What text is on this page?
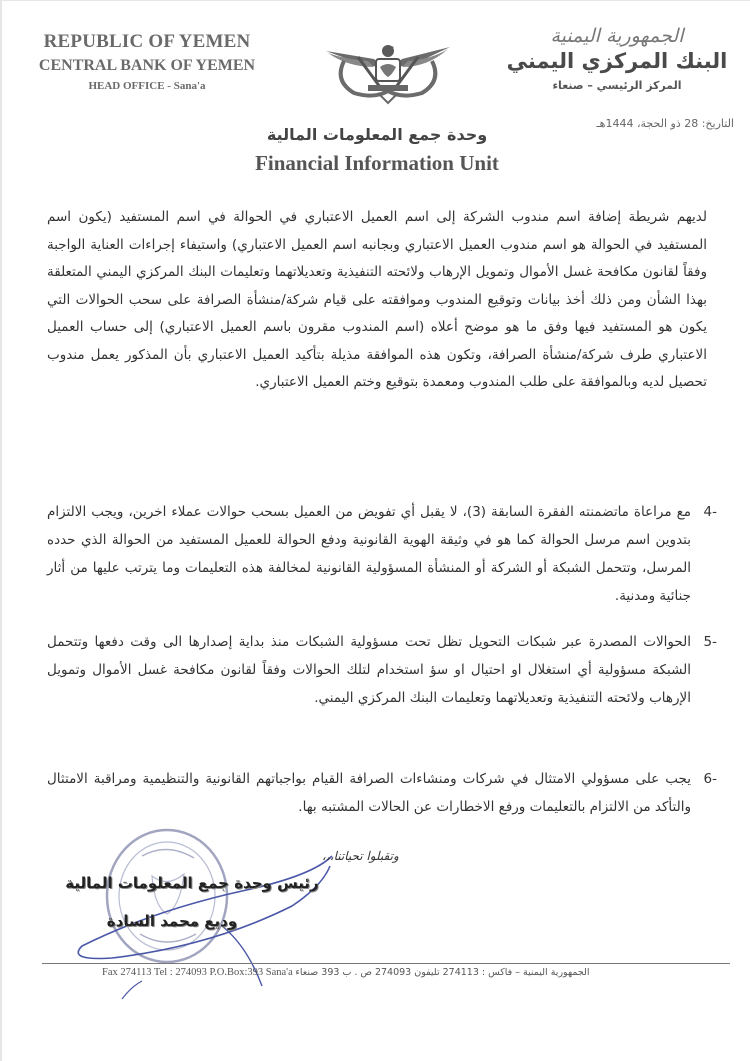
REPUBLIC OF YEMEN
CENTRAL BANK OF YEMEN
HEAD OFFICE - Sana'a
الجمهورية اليمنية
البنك المركزي اليمني
المركز الرئيسي – صنعاء
التاريخ: 28 ذو الحجة، 1444هـ
وحدة جمع المعلومات المالية
Financial Information Unit
لديهم شريطة إضافة اسم مندوب الشركة إلى اسم العميل الاعتباري في الحوالة في اسم المستفيد (يكون اسم المستفيد في الحوالة هو اسم مندوب العميل الاعتباري وبجانبه اسم العميل الاعتباري) واستيفاء إجراءات العناية الواجبة وفقاً لقانون مكافحة غسل الأموال وتمويل الإرهاب ولائحته التنفيذية وتعديلاتهما وتعليمات البنك المركزي اليمني المتعلقة بهذا الشأن ومن ذلك أخذ بيانات وتوقيع المندوب وموافقته على قيام شركة/منشأة الصرافة على سحب الحوالات التي يكون هو المستفيد فيها وفق ما هو موضح أعلاه (اسم المندوب مقرون باسم العميل الاعتباري) إلى حساب العميل الاعتباري طرف شركة/منشأة الصرافة، وتكون هذه الموافقة مذيلة بتأكيد العميل الاعتباري بأن المذكور يعمل مندوب تحصيل لديه وبالموافقة على طلب المندوب ومعمدة بتوقيع وختم العميل الاعتباري.
-4
مع مراعاة ماتضمنته الفقرة السابقة (3)، لا يقبل أي تفويض من العميل بسحب حوالات عملاء اخرين، ويجب الالتزام بتدوين اسم مرسل الحوالة كما هو في وثيقة الهوية القانونية ودفع الحوالة للعميل المستفيد من الحوالة الذي حدده المرسل، وتتحمل الشبكة أو الشركة أو المنشأة المسؤولية القانونية لمخالفة هذه التعليمات وما يترتب عليها من أثار جنائية ومدنية.
-5
الحوالات المصدرة عبر شبكات التحويل تظل تحت مسؤولية الشبكات منذ بداية إصدارها الى وقت دفعها وتتحمل الشبكة مسؤولية أي استغلال او احتيال او سؤ استخدام لتلك الحوالات وفقاً لقانون مكافحة غسل الأموال وتمويل الإرهاب ولائحته التنفيذية وتعديلاتهما وتعليمات البنك المركزي اليمني.
-6
يجب على مسؤولي الامتثال في شركات ومنشاءات الصرافة القيام بواجباتهم القانونية والتنظيمية ومراقبة الامتثال والتأكد من الالتزام بالتعليمات ورفع الاخطارات عن الحالات المشتبه بها.
وتقبلوا تحياتنا،،،
رئيس وحدة جمع المعلومات المالية
وديع محمد السادة
Fax 274113 Tel : 274093 P.O.Box:393 Sana'a الجمهورية اليمنية – فاكس : 274113 تليفون 274093 ص . ب 393 صنعاء
